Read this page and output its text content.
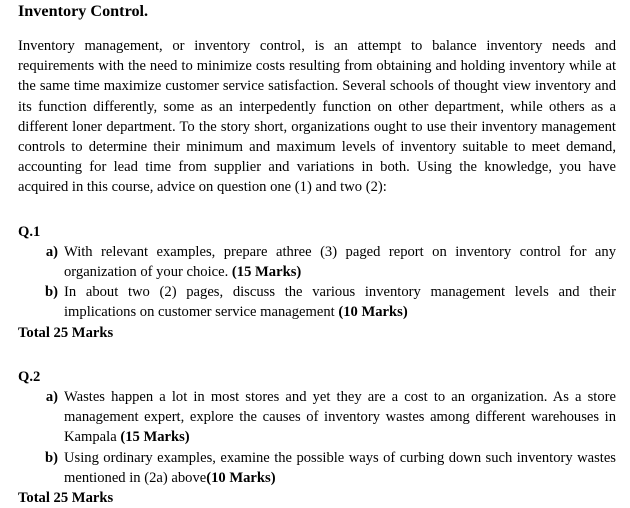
Inventory Control.

Inventory management, or inventory control, is an attempt to balance inventory needs and requirements with the need to minimize costs resulting from obtaining and holding inventory while at the same time maximize customer service satisfaction. Several schools of thought view inventory and its function differently, some as an interpedently function on other department, while others as a different loner department. To the story short, organizations ought to use their inventory management controls to determine their minimum and maximum levels of inventory suitable to meet demand, accounting for lead time from supplier and variations in both. Using the knowledge, you have acquired in this course, advice on question one (1) and two (2):

Q.1
a) With relevant examples, prepare athree (3) paged report on inventory control for any organization of your choice. (15 Marks)
b) In about two (2) pages, discuss the various inventory management levels and their implications on customer service management (10 Marks)
Total 25 Marks
Q.2
a) Wastes happen a lot in most stores and yet they are a cost to an organization. As a store management expert, explore the causes of inventory wastes among different warehouses in Kampala (15 Marks)
b) Using ordinary examples, examine the possible ways of curbing down such inventory wastes mentioned in (2a) above(10 Marks)
Total 25 Marks
